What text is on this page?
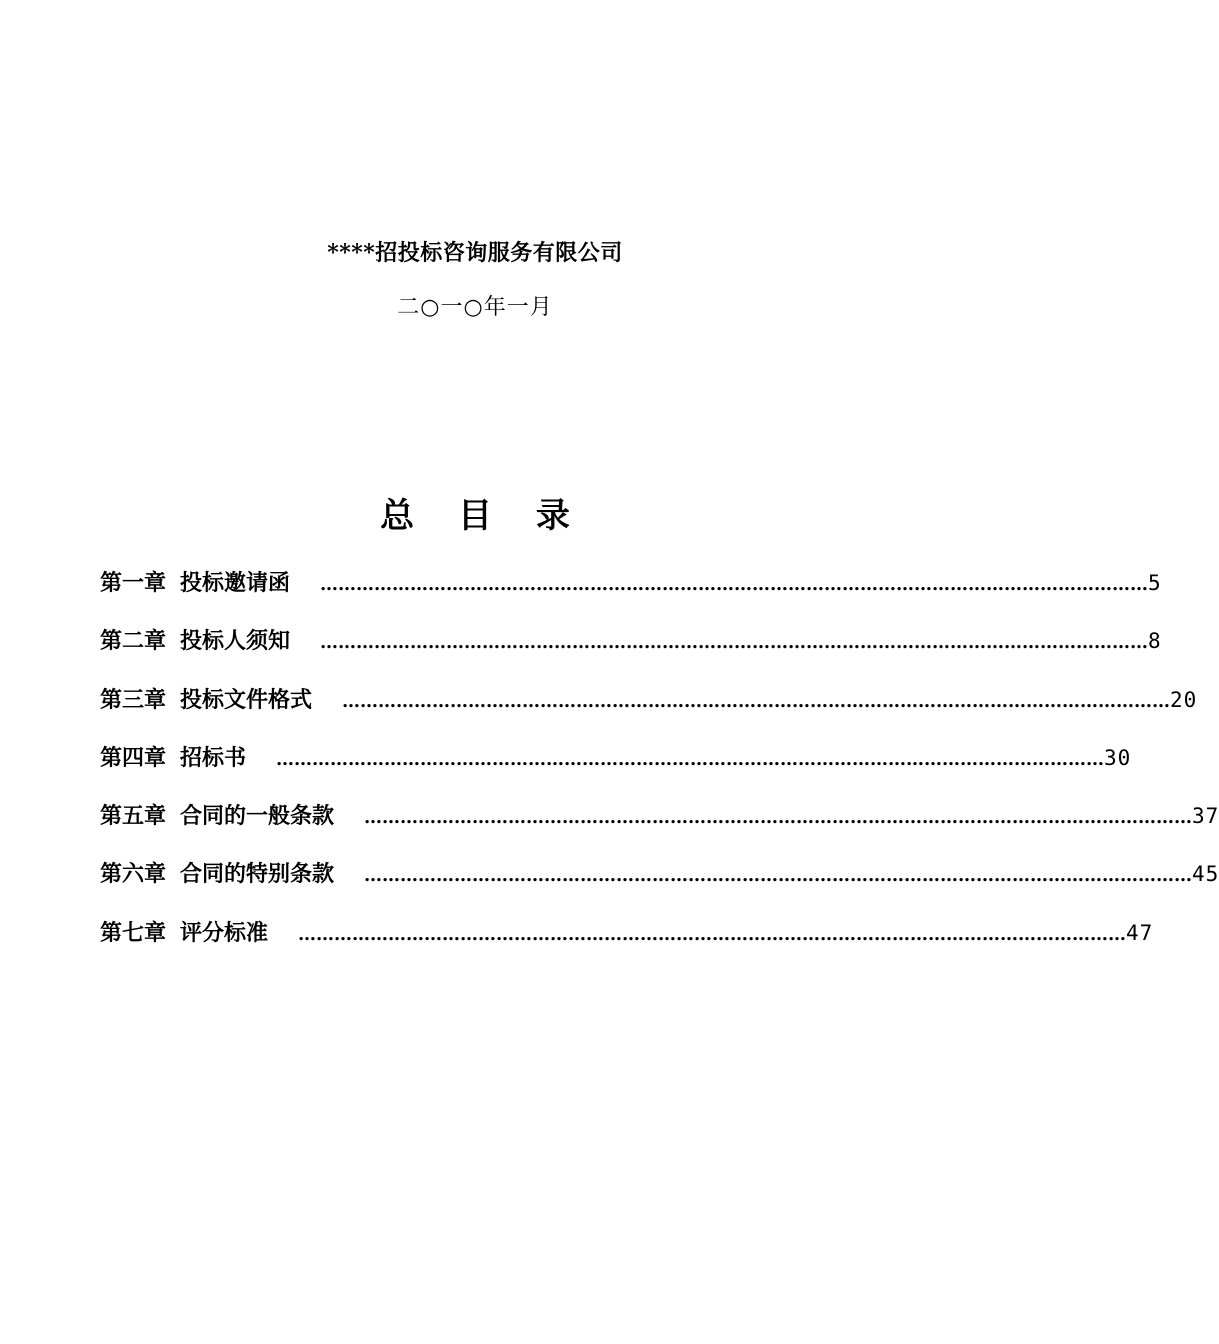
****招投标咨询服务有限公司
二○一○年一月
总 目 录
第一章 投标邀请函 ………………………………………………………………………………………………………………………… 5
第二章 投标人须知 ………………………………………………………………………………………………………………………… 8
第三章 投标文件格式 ………………………………………………………………………………………………………………………… 20
第四章 招标书 ………………………………………………………………………………………………………………………… 30
第五章 合同的一般条款 ………………………………………………………………………………………………………………………… 37
第六章 合同的特别条款 ………………………………………………………………………………………………………………………… 45
第七章 评分标准 ………………………………………………………………………………………………………………………… 47
